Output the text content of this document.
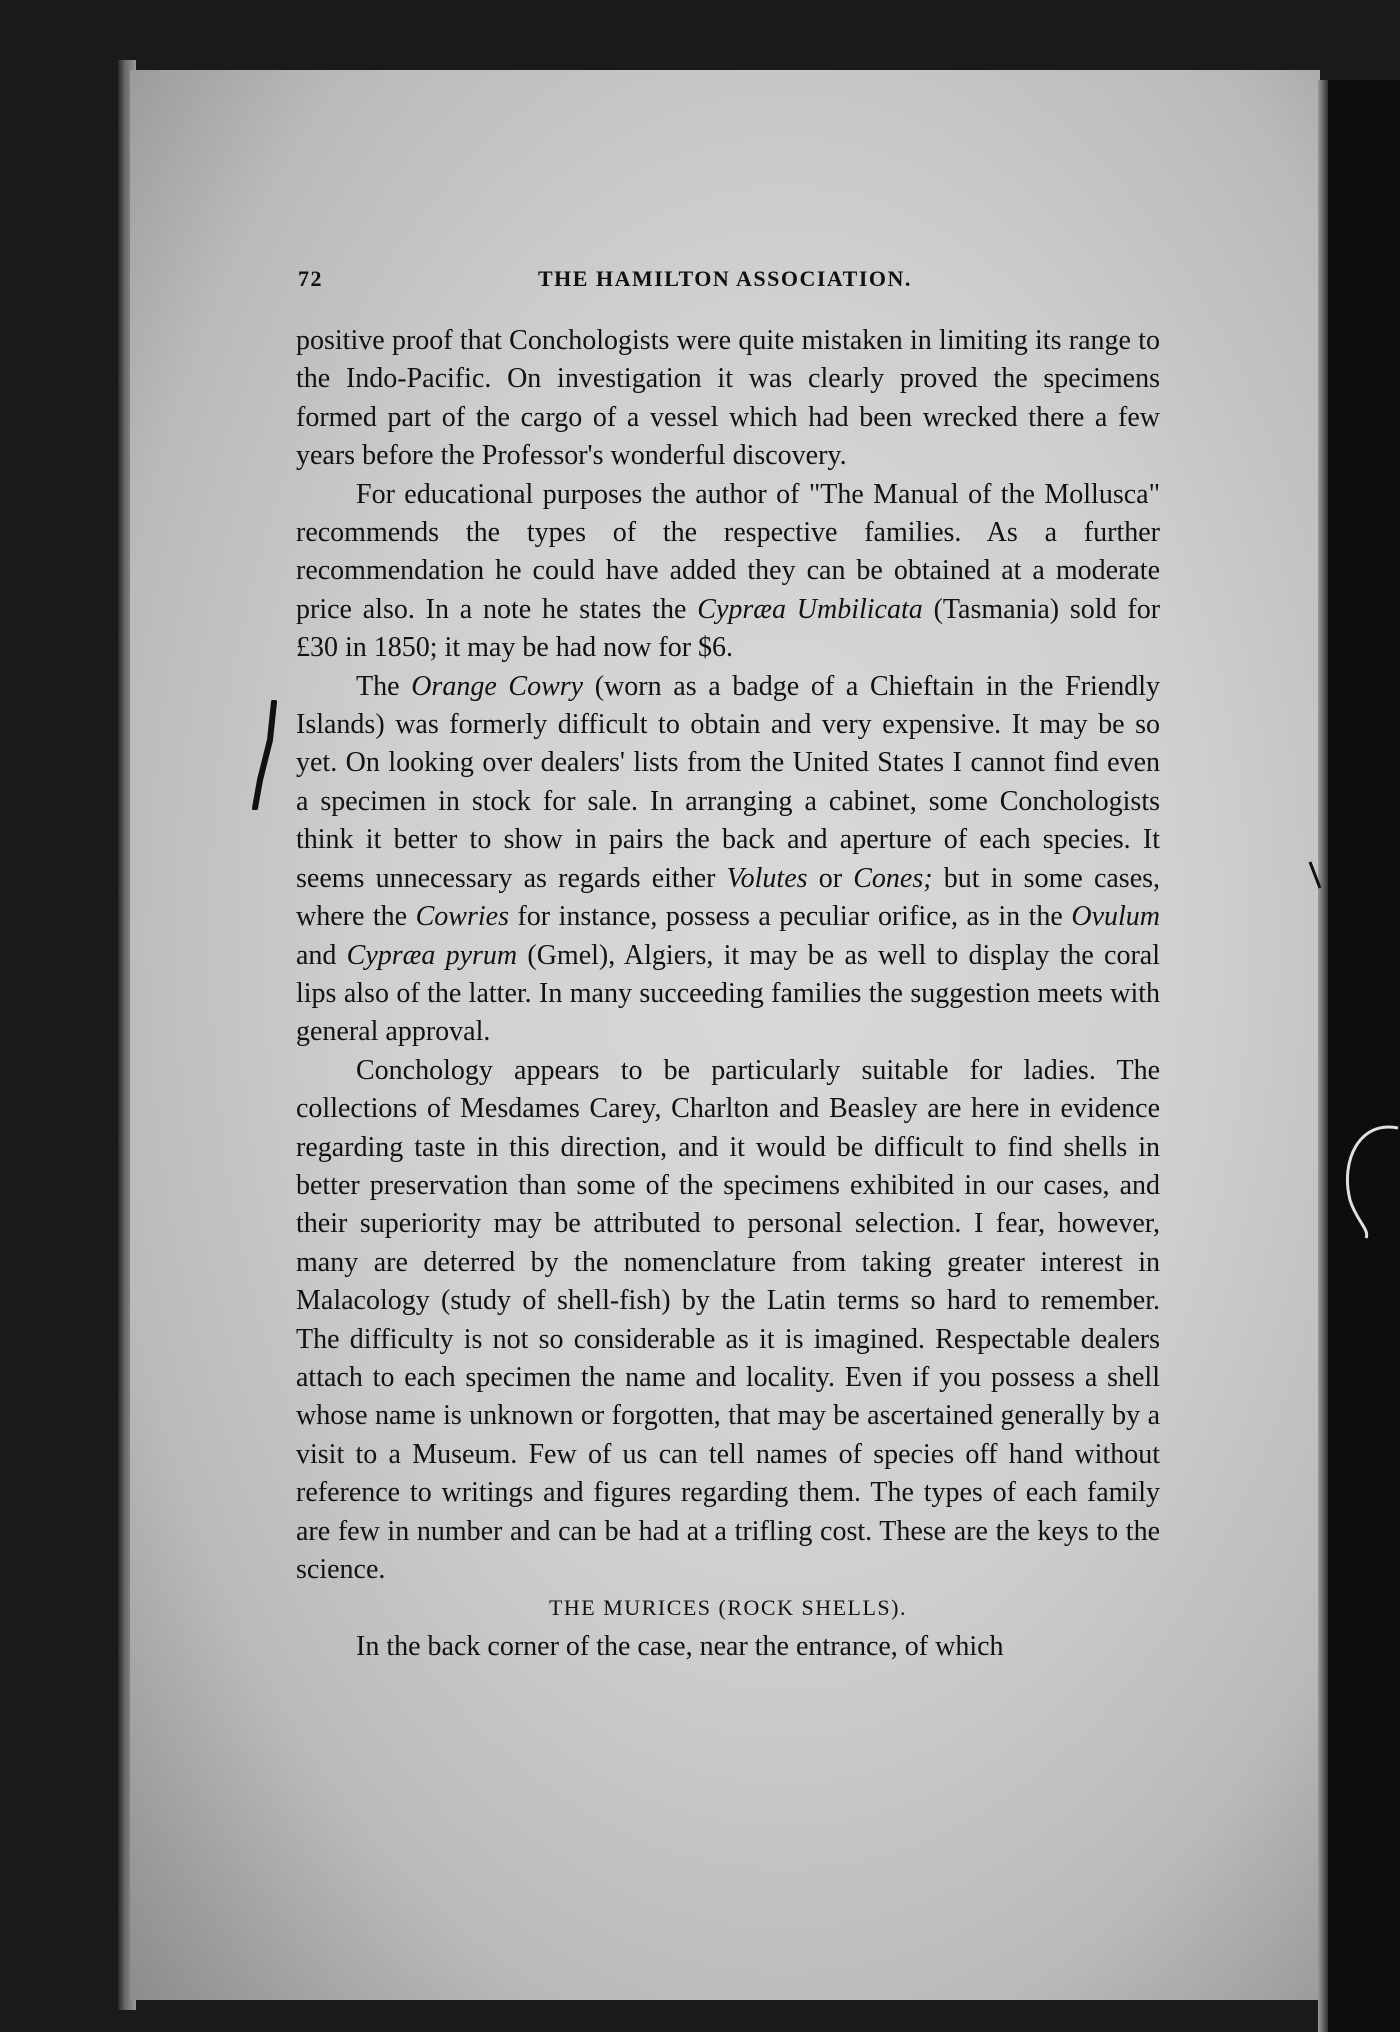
72	THE HAMILTON ASSOCIATION.

positive proof that Conchologists were quite mistaken in limiting its range to the Indo-Pacific. On investigation it was clearly proved the specimens formed part of the cargo of a vessel which had been wrecked there a few years before the Professor's wonderful discovery.

For educational purposes the author of "The Manual of the Mollusca" recommends the types of the respective families. As a further recommendation he could have added they can be obtained at a moderate price also. In a note he states the Cypræa Umbilicata (Tasmania) sold for £30 in 1850; it may be had now for $6.

The Orange Cowry (worn as a badge of a Chieftain in the Friendly Islands) was formerly difficult to obtain and very expensive. It may be so yet. On looking over dealers' lists from the United States I cannot find even a specimen in stock for sale. In arranging a cabinet, some Conchologists think it better to show in pairs the back and aperture of each species. It seems unnecessary as regards either Volutes or Cones; but in some cases, where the Cowries for instance, possess a peculiar orifice, as in the Ovulum and Cypræa pyrum (Gmel), Algiers, it may be as well to display the coral lips also of the latter. In many succeeding families the suggestion meets with general approval.

Conchology appears to be particularly suitable for ladies. The collections of Mesdames Carey, Charlton and Beasley are here in evidence regarding taste in this direction, and it would be difficult to find shells in better preservation than some of the specimens exhibited in our cases, and their superiority may be attributed to personal selection. I fear, however, many are deterred by the nomenclature from taking greater interest in Malacology (study of shell-fish) by the Latin terms so hard to remember. The difficulty is not so considerable as it is imagined. Respectable dealers attach to each specimen the name and locality. Even if you possess a shell whose name is unknown or forgotten, that may be ascertained generally by a visit to a Museum. Few of us can tell names of species off hand without reference to writings and figures regarding them. The types of each family are few in number and can be had at a trifling cost. These are the keys to the science.

THE MURICES (ROCK SHELLS).

In the back corner of the case, near the entrance, of which
